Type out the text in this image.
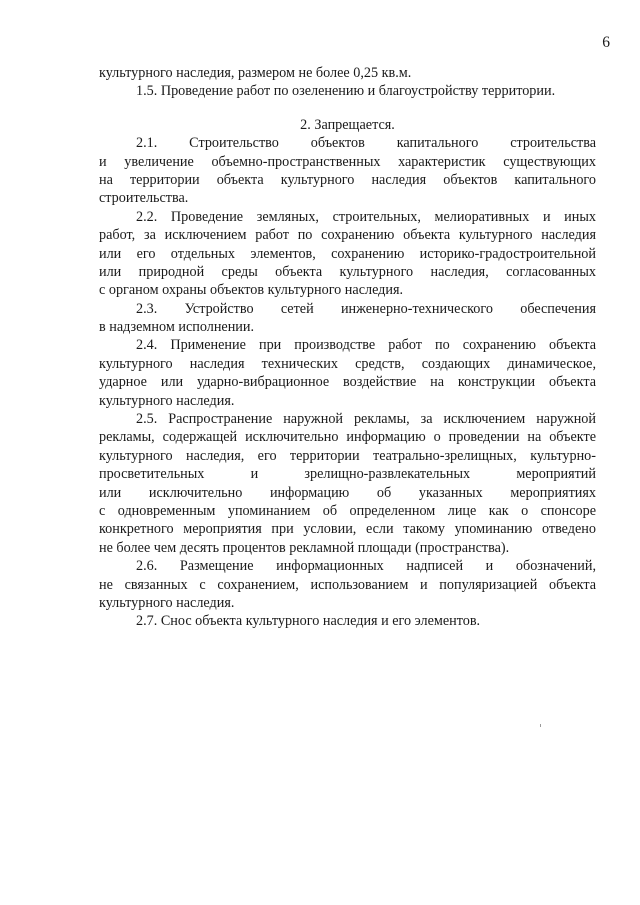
6
культурного наследия, размером не более 0,25 кв.м.
1.5. Проведение работ по озеленению и благоустройству территории.
2. Запрещается.
2.1. Строительство объектов капитального строительства
и увеличение объемно-пространственных характеристик существующих
на территории объекта культурного наследия объектов капитального
строительства.
2.2. Проведение земляных, строительных, мелиоративных и иных
работ, за исключением работ по сохранению объекта культурного наследия
или его отдельных элементов, сохранению историко-градостроительной
или природной среды объекта культурного наследия, согласованных
с органом охраны объектов культурного наследия.
2.3. Устройство сетей инженерно-технического обеспечения
в надземном исполнении.
2.4. Применение при производстве работ по сохранению объекта
культурного наследия технических средств, создающих динамическое,
ударное или ударно-вибрационное воздействие на конструкции объекта
культурного наследия.
2.5. Распространение наружной рекламы, за исключением наружной
рекламы, содержащей исключительно информацию о проведении на объекте
культурного наследия, его территории театрально-зрелищных, культурно-
просветительных и зрелищно-развлекательных мероприятий
или исключительно информацию об указанных мероприятиях
с одновременным упоминанием об определенном лице как о спонсоре
конкретного мероприятия при условии, если такому упоминанию отведено
не более чем десять процентов рекламной площади (пространства).
2.6. Размещение информационных надписей и обозначений,
не связанных с сохранением, использованием и популяризацией объекта
культурного наследия.
2.7. Снос объекта культурного наследия и его элементов.
